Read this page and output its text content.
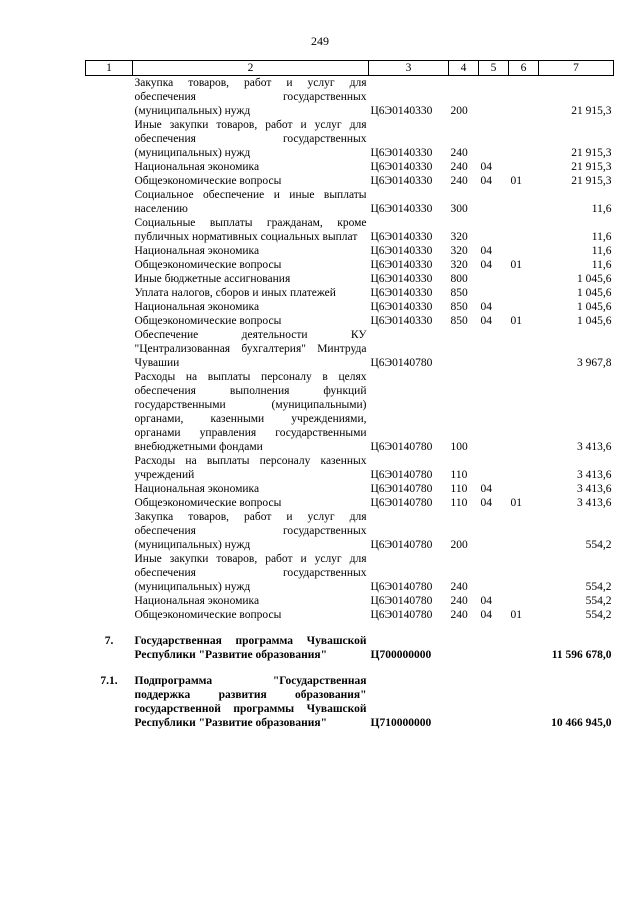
249
1	2	3	4	5	6	7
	Закупка товаров, работ и услуг для обеспечения государственных (муниципальных) нужд	Ц6Э0140330	200			21 915,3
	Иные закупки товаров, работ и услуг для обеспечения государственных (муниципальных) нужд	Ц6Э0140330	240			21 915,3
	Национальная экономика	Ц6Э0140330	240	04		21 915,3
	Общеэкономические вопросы	Ц6Э0140330	240	04	01	21 915,3
	Социальное обеспечение и иные выплаты населению	Ц6Э0140330	300			11,6
	Социальные выплаты гражданам, кроме публичных нормативных социальных выплат	Ц6Э0140330	320			11,6
	Национальная экономика	Ц6Э0140330	320	04		11,6
	Общеэкономические вопросы	Ц6Э0140330	320	04	01	11,6
	Иные бюджетные ассигнования	Ц6Э0140330	800			1 045,6
	Уплата налогов, сборов и иных платежей	Ц6Э0140330	850			1 045,6
	Национальная экономика	Ц6Э0140330	850	04		1 045,6
	Общеэкономические вопросы	Ц6Э0140330	850	04	01	1 045,6
	Обеспечение деятельности КУ "Централизованная бухгалтерия" Минтруда Чувашии	Ц6Э0140780				3 967,8
	Расходы на выплаты персоналу в целях обеспечения выполнения функций государственными (муниципальными) органами, казенными учреждениями, органами управления государственными внебюджетными фондами	Ц6Э0140780	100			3 413,6
	Расходы на выплаты персоналу казенных учреждений	Ц6Э0140780	110			3 413,6
	Национальная экономика	Ц6Э0140780	110	04		3 413,6
	Общеэкономические вопросы	Ц6Э0140780	110	04	01	3 413,6
	Закупка товаров, работ и услуг для обеспечения государственных (муниципальных) нужд	Ц6Э0140780	200			554,2
	Иные закупки товаров, работ и услуг для обеспечения государственных (муниципальных) нужд	Ц6Э0140780	240			554,2
	Национальная экономика	Ц6Э0140780	240	04		554,2
	Общеэкономические вопросы	Ц6Э0140780	240	04	01	554,2

7.	Государственная программа Чувашской Республики "Развитие образования"	Ц700000000				11 596 678,0

7.1.	Подпрограмма "Государственная поддержка развития образования" государственной программы Чувашской Республики "Развитие образования"	Ц710000000				10 466 945,0
